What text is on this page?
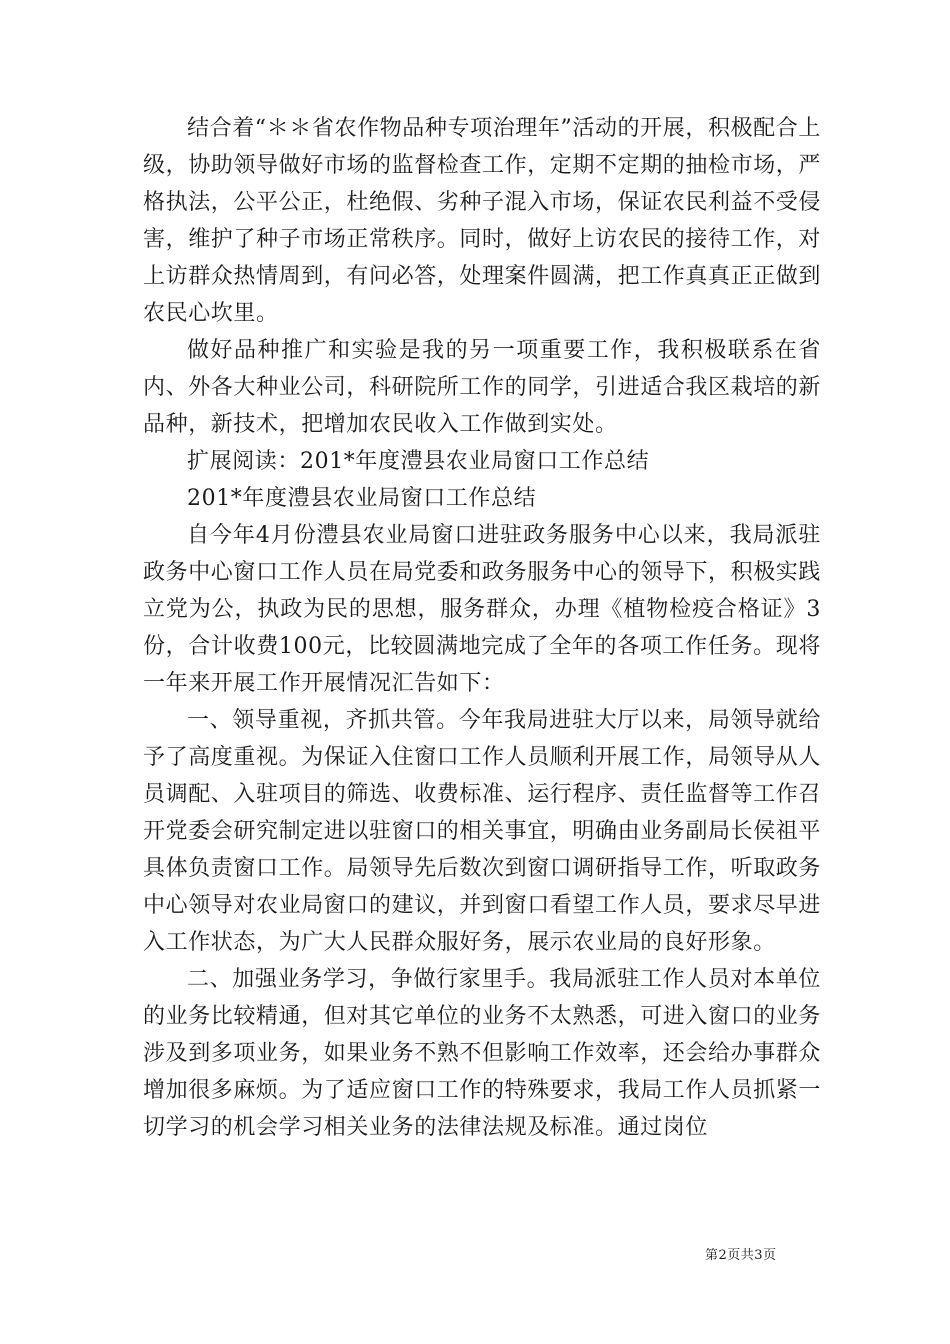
结合着“＊＊省农作物品种专项治理年”活动的开展，积极配合上级，协助领导做好市场的监督检查工作，定期不定期的抽检市场，严格执法，公平公正，杜绝假、劣种子混入市场，保证农民利益不受侵害，维护了种子市场正常秩序。同时，做好上访农民的接待工作，对上访群众热情周到，有问必答，处理案件圆满，把工作真真正正做到农民心坎里。

做好品种推广和实验是我的另一项重要工作，我积极联系在省内、外各大种业公司，科研院所工作的同学，引进适合我区栽培的新品种，新技术，把增加农民收入工作做到实处。

扩展阅读：201*年度澧县农业局窗口工作总结

201*年度澧县农业局窗口工作总结

自今年4月份澧县农业局窗口进驻政务服务中心以来，我局派驻政务中心窗口工作人员在局党委和政务服务中心的领导下，积极实践立党为公，执政为民的思想，服务群众，办理《植物检疫合格证》3份，合计收费100元，比较圆满地完成了全年的各项工作任务。现将一年来开展工作开展情况汇告如下：

一、领导重视，齐抓共管。今年我局进驻大厅以来，局领导就给予了高度重视。为保证入住窗口工作人员顺利开展工作，局领导从人员调配、入驻项目的筛选、收费标准、运行程序、责任监督等工作召开党委会研究制定进以驻窗口的相关事宜，明确由业务副局长侯祖平具体负责窗口工作。局领导先后数次到窗口调研指导工作，听取政务中心领导对农业局窗口的建议，并到窗口看望工作人员，要求尽早进入工作状态，为广大人民群众服好务，展示农业局的良好形象。

二、加强业务学习，争做行家里手。我局派驻工作人员对本单位的业务比较精通，但对其它单位的业务不太熟悉，可进入窗口的业务涉及到多项业务，如果业务不熟不但影响工作效率，还会给办事群众增加很多麻烦。为了适应窗口工作的特殊要求，我局工作人员抓紧一切学习的机会学习相关业务的法律法规及标准。通过岗位

第2页共3页
